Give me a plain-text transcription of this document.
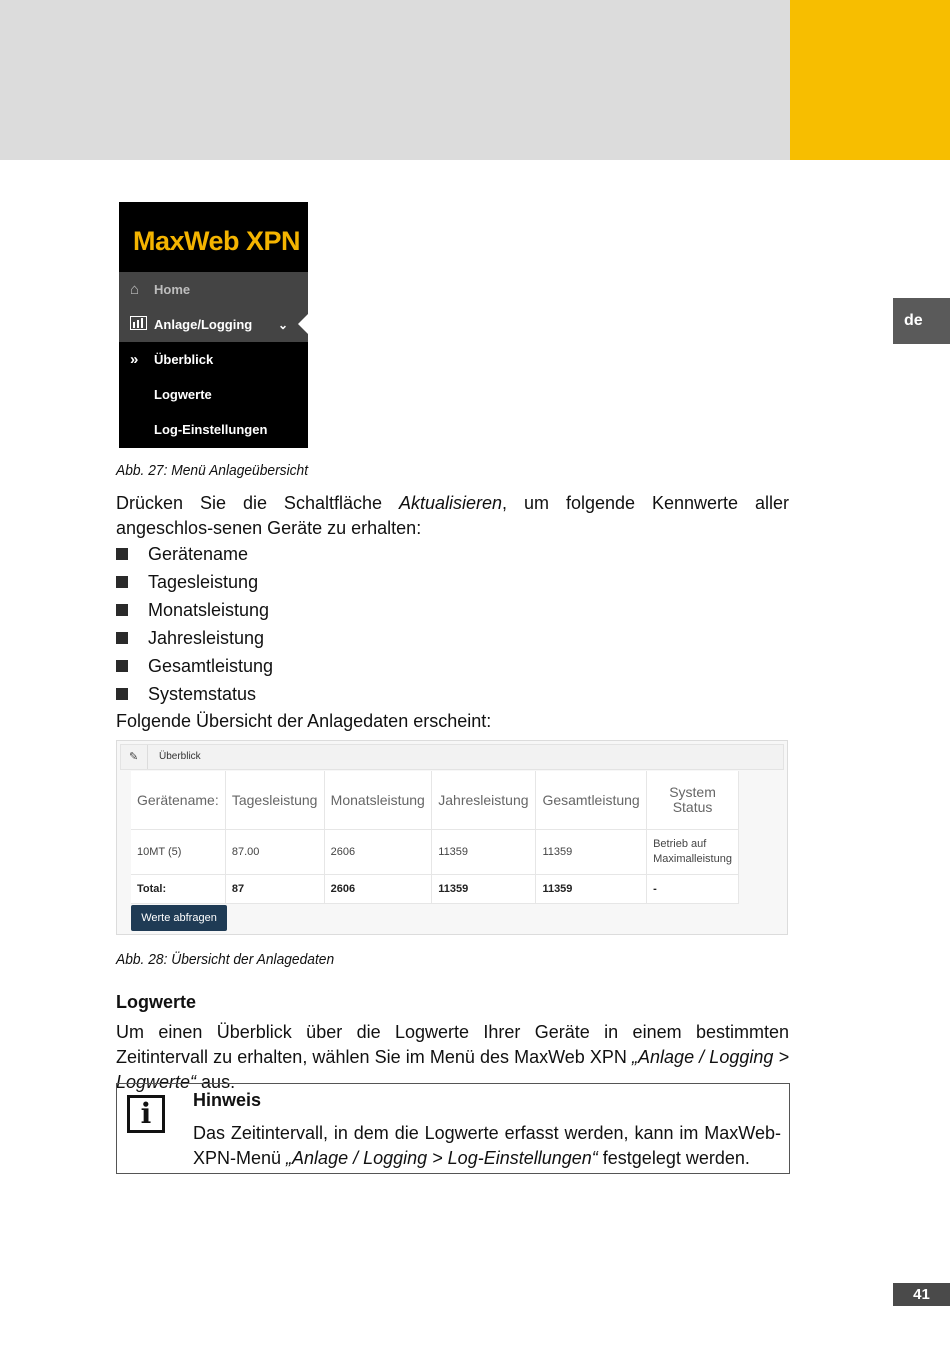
de
MaxWeb XPN
⌂	Home
Anlage/Logging ⌄
»	Überblick
Logwerte
Log-Einstellungen
Abb. 27: Menü Anlageübersicht
Drücken Sie die Schaltfläche Aktualisieren, um folgende Kennwerte aller angeschlos-senen Geräte zu erhalten:
Gerätename
Tagesleistung
Monatsleistung
Jahresleistung
Gesamtleistung
Systemstatus
Folgende Übersicht der Anlagedaten erscheint:
✎ Überblick
Gerätename:	Tagesleistung	Monatsleistung	Jahresleistung	Gesamtleistung	System Status
10MT (5)	87.00	2606	11359	11359	Betrieb auf Maximalleistung
Total:	87	2606	11359	11359	-
Werte abfragen
Abb. 28: Übersicht der Anlagedaten
Logwerte
Um einen Überblick über die Logwerte Ihrer Geräte in einem bestimmten Zeitintervall zu erhalten, wählen Sie im Menü des MaxWeb XPN „Anlage / Logging > Logwerte“ aus.
i	Hinweis
Das Zeitintervall, in dem die Logwerte erfasst werden, kann im MaxWeb-XPN-Menü „Anlage / Logging > Log-Einstellungen“ festgelegt werden.
41
